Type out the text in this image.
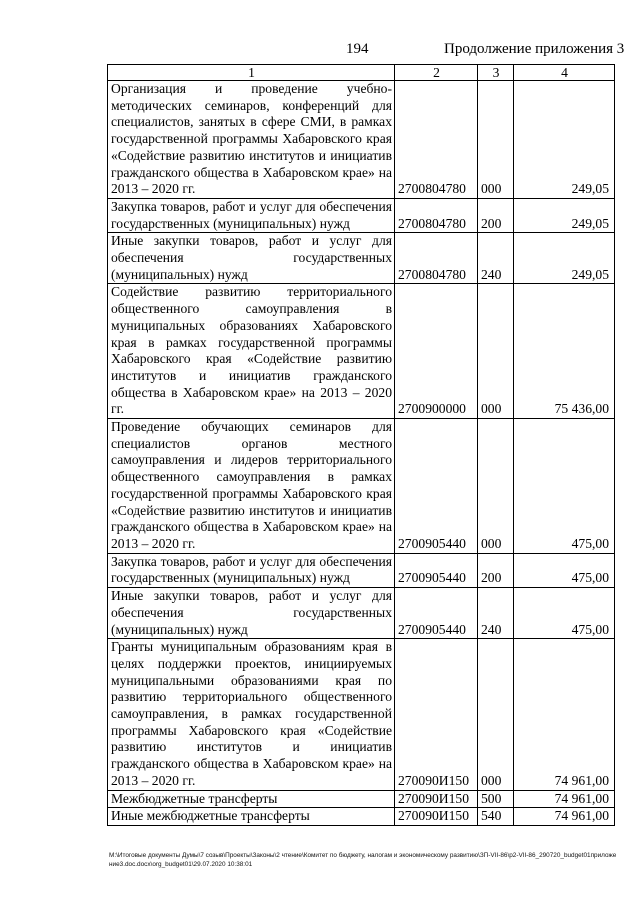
194	Продолжение приложения 3
1	2	3	4
Организация и проведение учебно-методических семинаров, конференций для специалистов, занятых в сфере СМИ, в рамках государственной программы Хабаровского края «Содействие развитию институтов и инициатив гражданского общества в Хабаровском крае» на 2013 – 2020 гг.	2700804780	000	249,05
Закупка товаров, работ и услуг для обеспечения государственных (муниципальных) нужд	2700804780	200	249,05
Иные закупки товаров, работ и услуг для обеспечения государственных (муниципальных) нужд	2700804780	240	249,05
Содействие развитию территориального общественного самоуправления в муниципальных образованиях Хабаровского края в рамках государственной программы Хабаровского края «Содействие развитию институтов и инициатив гражданского общества в Хабаровском крае» на 2013 – 2020 гг.	2700900000	000	75 436,00
Проведение обучающих семинаров для специалистов органов местного самоуправления и лидеров территориального общественного самоуправления в рамках государственной программы Хабаровского края «Содействие развитию институтов и инициатив гражданского общества в Хабаровском крае» на 2013 – 2020 гг.	2700905440	000	475,00
Закупка товаров, работ и услуг для обеспечения государственных (муниципальных) нужд	2700905440	200	475,00
Иные закупки товаров, работ и услуг для обеспечения государственных (муниципальных) нужд	2700905440	240	475,00
Гранты муниципальным образованиям края в целях поддержки проектов, инициируемых муниципальными образованиями края по развитию территориального общественного самоуправления, в рамках государственной программы Хабаровского края «Содействие развитию институтов и инициатив гражданского общества в Хабаровском крае» на 2013 – 2020 гг.	270090И150	000	74 961,00
Межбюджетные трансферты	270090И150	500	74 961,00
Иные межбюджетные трансферты	270090И150	540	74 961,00
M:\Итоговые документы Думы\7 созыв\Проекты\Законы\2 чтение\Комитет по бюджету, налогам и экономическому развитию\ЗП-VII-86\р2-VII-86_290720_budget01приложение3.doc.docx\org_budget01\29.07.2020 10:38:01
